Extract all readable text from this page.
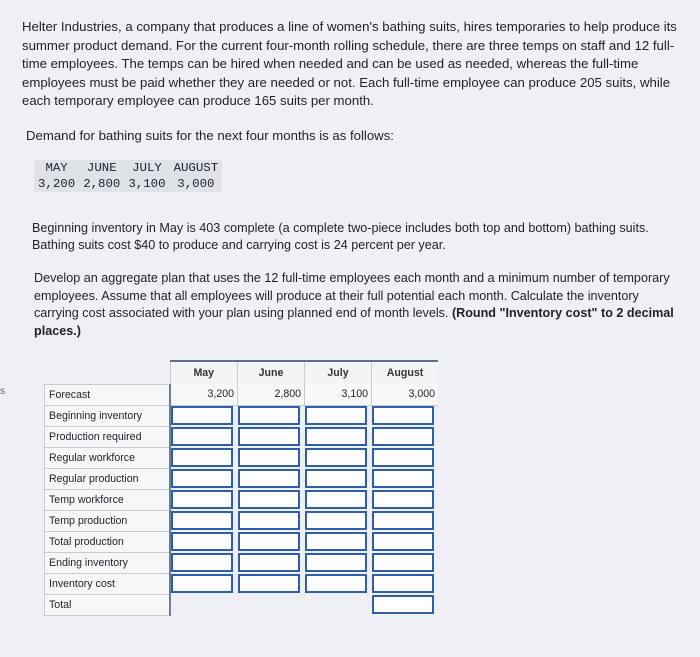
s

Helter Industries, a company that produces a line of women's bathing suits, hires temporaries to help produce its summer product demand. For the current four-month rolling schedule, there are three temps on staff and 12 full-time employees. The temps can be hired when needed and can be used as needed, whereas the full-time employees must be paid whether they are needed or not. Each full-time employee can produce 205 suits, while each temporary employee can produce 165 suits per month.

Demand for bathing suits for the next four months is as follows:

MAY	JUNE	JULY	AUGUST
3,200	2,800	3,100	3,000

Beginning inventory in May is 403 complete (a complete two-piece includes both top and bottom) bathing suits. Bathing suits cost $40 to produce and carrying cost is 24 percent per year.

Develop an aggregate plan that uses the 12 full-time employees each month and a minimum number of temporary employees. Assume that all employees will produce at their full potential each month. Calculate the inventory carrying cost associated with your plan using planned end of month levels. (Round "Inventory cost" to 2 decimal places.)

	May	June	July	August
Forecast	3,200	2,800	3,100	3,000
Beginning inventory	

Production required	

Regular workforce	

Regular production	

Temp workforce	

Temp production	

Total production	

Ending inventory	

Inventory cost	

Total				
